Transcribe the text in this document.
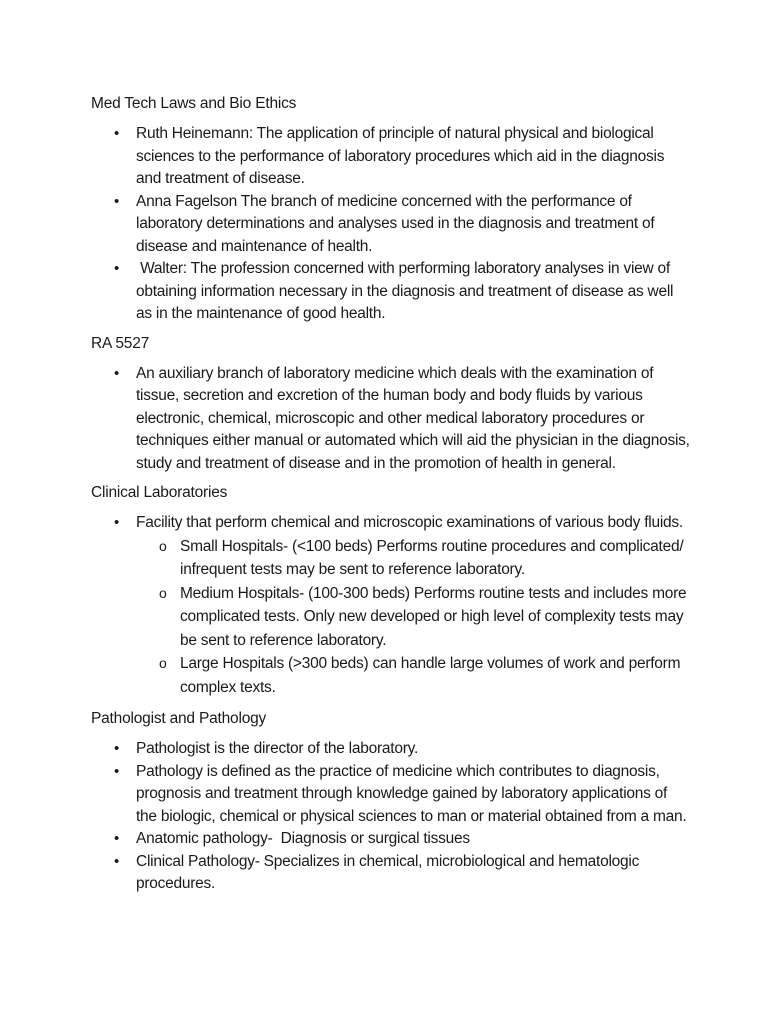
Med Tech Laws and Bio Ethics
• Ruth Heinemann: The application of principle of natural physical and biological sciences to the performance of laboratory procedures which aid in the diagnosis and treatment of disease.
• Anna Fagelson The branch of medicine concerned with the performance of laboratory determinations and analyses used in the diagnosis and treatment of disease and maintenance of health.
•  Walter: The profession concerned with performing laboratory analyses in view of obtaining information necessary in the diagnosis and treatment of disease as well as in the maintenance of good health.
RA 5527
• An auxiliary branch of laboratory medicine which deals with the examination of tissue, secretion and excretion of the human body and body fluids by various electronic, chemical, microscopic and other medical laboratory procedures or techniques either manual or automated which will aid the physician in the diagnosis, study and treatment of disease and in the promotion of health in general.
Clinical Laboratories
• Facility that perform chemical and microscopic examinations of various body fluids.
o Small Hospitals- (<100 beds) Performs routine procedures and complicated/ infrequent tests may be sent to reference laboratory.
o Medium Hospitals- (100-300 beds) Performs routine tests and includes more complicated tests. Only new developed or high level of complexity tests may be sent to reference laboratory.
o Large Hospitals (>300 beds) can handle large volumes of work and perform complex texts.
Pathologist and Pathology
• Pathologist is the director of the laboratory.
• Pathology is defined as the practice of medicine which contributes to diagnosis, prognosis and treatment through knowledge gained by laboratory applications of the biologic, chemical or physical sciences to man or material obtained from a man.
• Anatomic pathology-  Diagnosis or surgical tissues
• Clinical Pathology- Specializes in chemical, microbiological and hematologic procedures.
